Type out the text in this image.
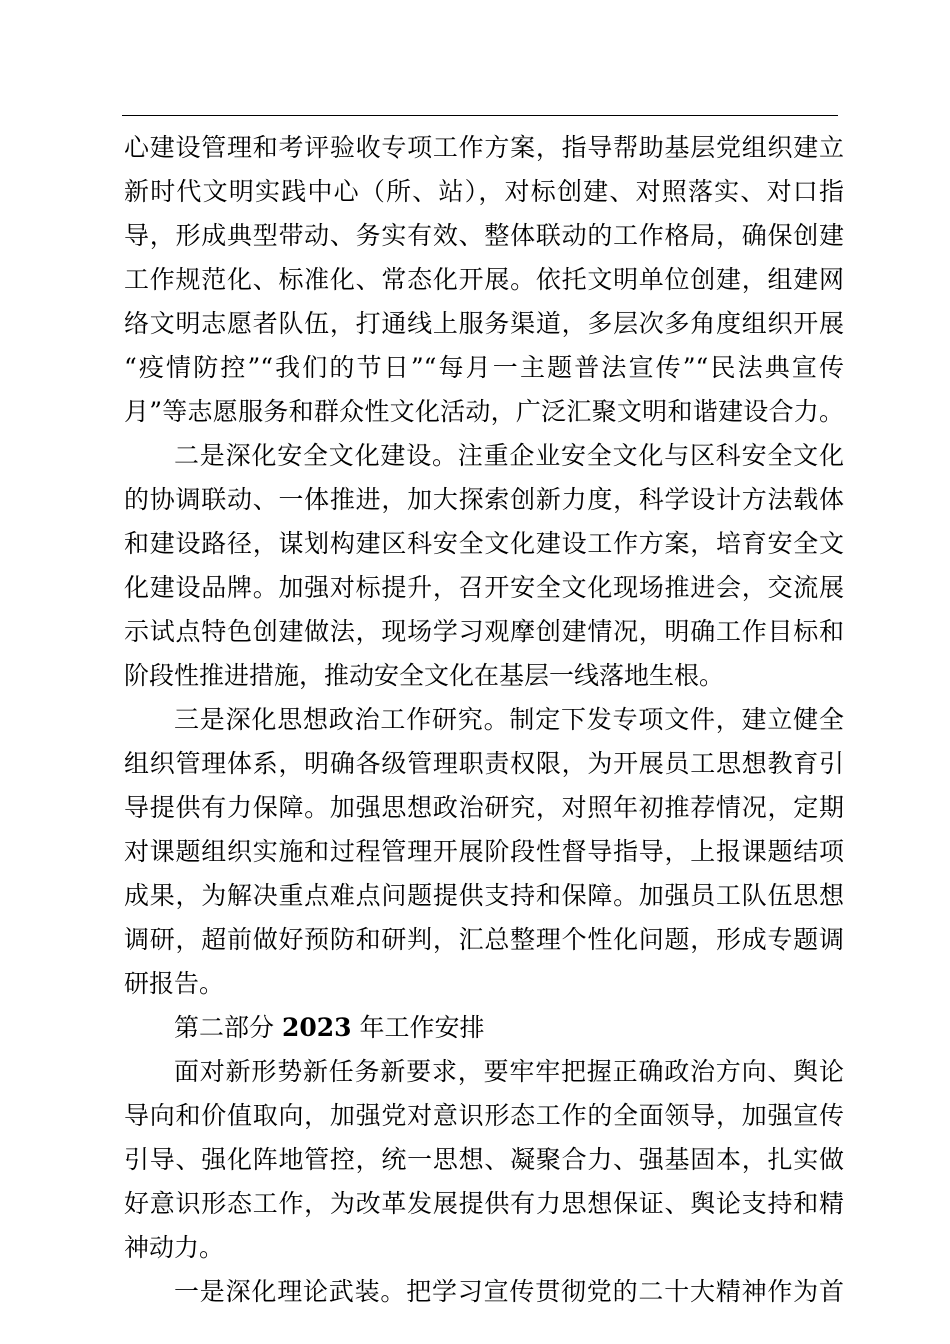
心建设管理和考评验收专项工作方案，指导帮助基层党组织建立
新时代文明实践中心（所、站），对标创建、对照落实、对口指
导，形成典型带动、务实有效、整体联动的工作格局，确保创建
工作规范化、标准化、常态化开展。依托文明单位创建，组建网
络文明志愿者队伍，打通线上服务渠道，多层次多角度组织开展
“疫情防控”“我们的节日”“每月一主题普法宣传”“民法典宣传
月”等志愿服务和群众性文化活动，广泛汇聚文明和谐建设合力。
二是深化安全文化建设。注重企业安全文化与区科安全文化
的协调联动、一体推进，加大探索创新力度，科学设计方法载体
和建设路径，谋划构建区科安全文化建设工作方案，培育安全文
化建设品牌。加强对标提升，召开安全文化现场推进会，交流展
示试点特色创建做法，现场学习观摩创建情况，明确工作目标和
阶段性推进措施，推动安全文化在基层一线落地生根。
三是深化思想政治工作研究。制定下发专项文件，建立健全
组织管理体系，明确各级管理职责权限，为开展员工思想教育引
导提供有力保障。加强思想政治研究，对照年初推荐情况，定期
对课题组织实施和过程管理开展阶段性督导指导，上报课题结项
成果，为解决重点难点问题提供支持和保障。加强员工队伍思想
调研，超前做好预防和研判，汇总整理个性化问题，形成专题调
研报告。
第二部分 2023 年工作安排
面对新形势新任务新要求，要牢牢把握正确政治方向、舆论
导向和价值取向，加强党对意识形态工作的全面领导，加强宣传
引导、强化阵地管控，统一思想、凝聚合力、强基固本，扎实做
好意识形态工作，为改革发展提供有力思想保证、舆论支持和精
神动力。
一是深化理论武装。把学习宣传贯彻党的二十大精神作为首
